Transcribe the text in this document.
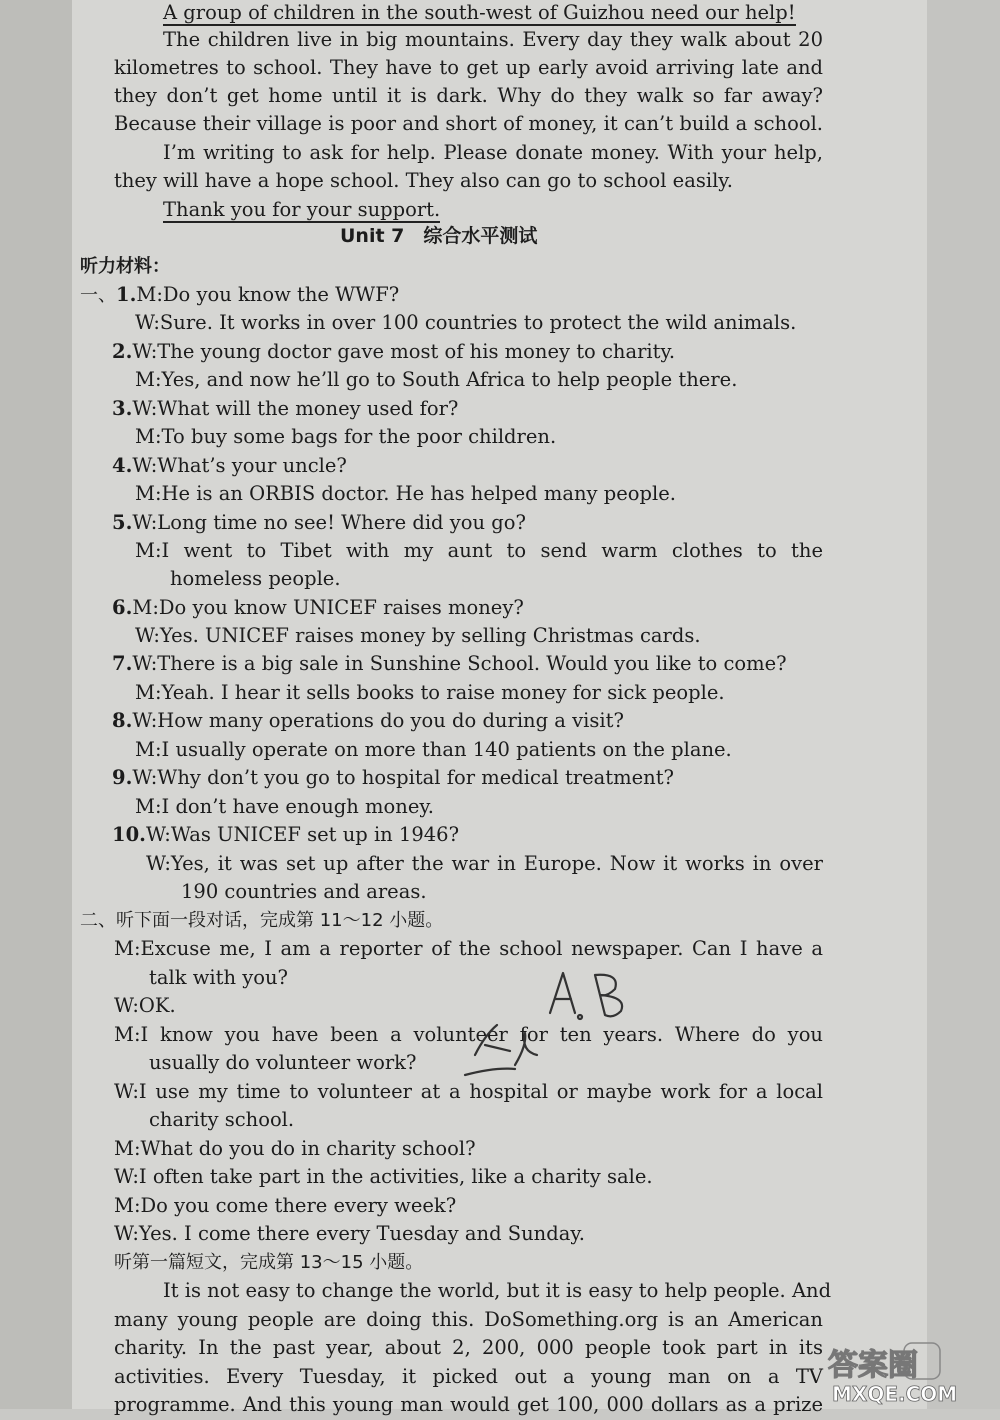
A group of children in the south-west of Guizhou need our help!
The children live in big mountains. Every day they walk about 20
kilometres to school. They have to get up early avoid arriving late and
they don’t get home until it is dark. Why do they walk so far away?
Because their village is poor and short of money, it can’t build a school.
I’m writing to ask for help. Please donate money. With your help,
they will have a hope school. They also can go to school easily.
Thank you for your support.
Unit 7　综合水平测试
听力材料：
一、1.M:Do you know the WWF?
W:Sure. It works in over 100 countries to protect the wild animals.
2.W:The young doctor gave most of his money to charity.
M:Yes, and now he’ll go to South Africa to help people there.
3.W:What will the money used for?
M:To buy some bags for the poor children.
4.W:What’s your uncle?
M:He is an ORBIS doctor. He has helped many people.
5.W:Long time no see! Where did you go?
M:I went to Tibet with my aunt to send warm clothes to the
homeless people.
6.M:Do you know UNICEF raises money?
W:Yes. UNICEF raises money by selling Christmas cards.
7.W:There is a big sale in Sunshine School. Would you like to come?
M:Yeah. I hear it sells books to raise money for sick people.
8.W:How many operations do you do during a visit?
M:I usually operate on more than 140 patients on the plane.
9.W:Why don’t you go to hospital for medical treatment?
M:I don’t have enough money.
10.W:Was UNICEF set up in 1946?
W:Yes, it was set up after the war in Europe. Now it works in over
190 countries and areas.
二、听下面一段对话，完成第 11～12 小题。
M:Excuse me, I am a reporter of the school newspaper. Can I have a
talk with you?
W:OK.
M:I know you have been a volunteer for ten years. Where do you
usually do volunteer work?
W:I use my time to volunteer at a hospital or maybe work for a local
charity school.
M:What do you do in charity school?
W:I often take part in the activities, like a charity sale.
M:Do you come there every week?
W:Yes. I come there every Tuesday and Sunday.
听第一篇短文，完成第 13～15 小题。
It is not easy to change the world, but it is easy to help people. And
many young people are doing this. DoSomething.org is an American
charity. In the past year, about 2, 200, 000 people took part in its
activities. Every Tuesday, it picked out a young man on a TV
programme. And this young man would get 100, 000 dollars as a prize
答案圈
MXQE.COM
